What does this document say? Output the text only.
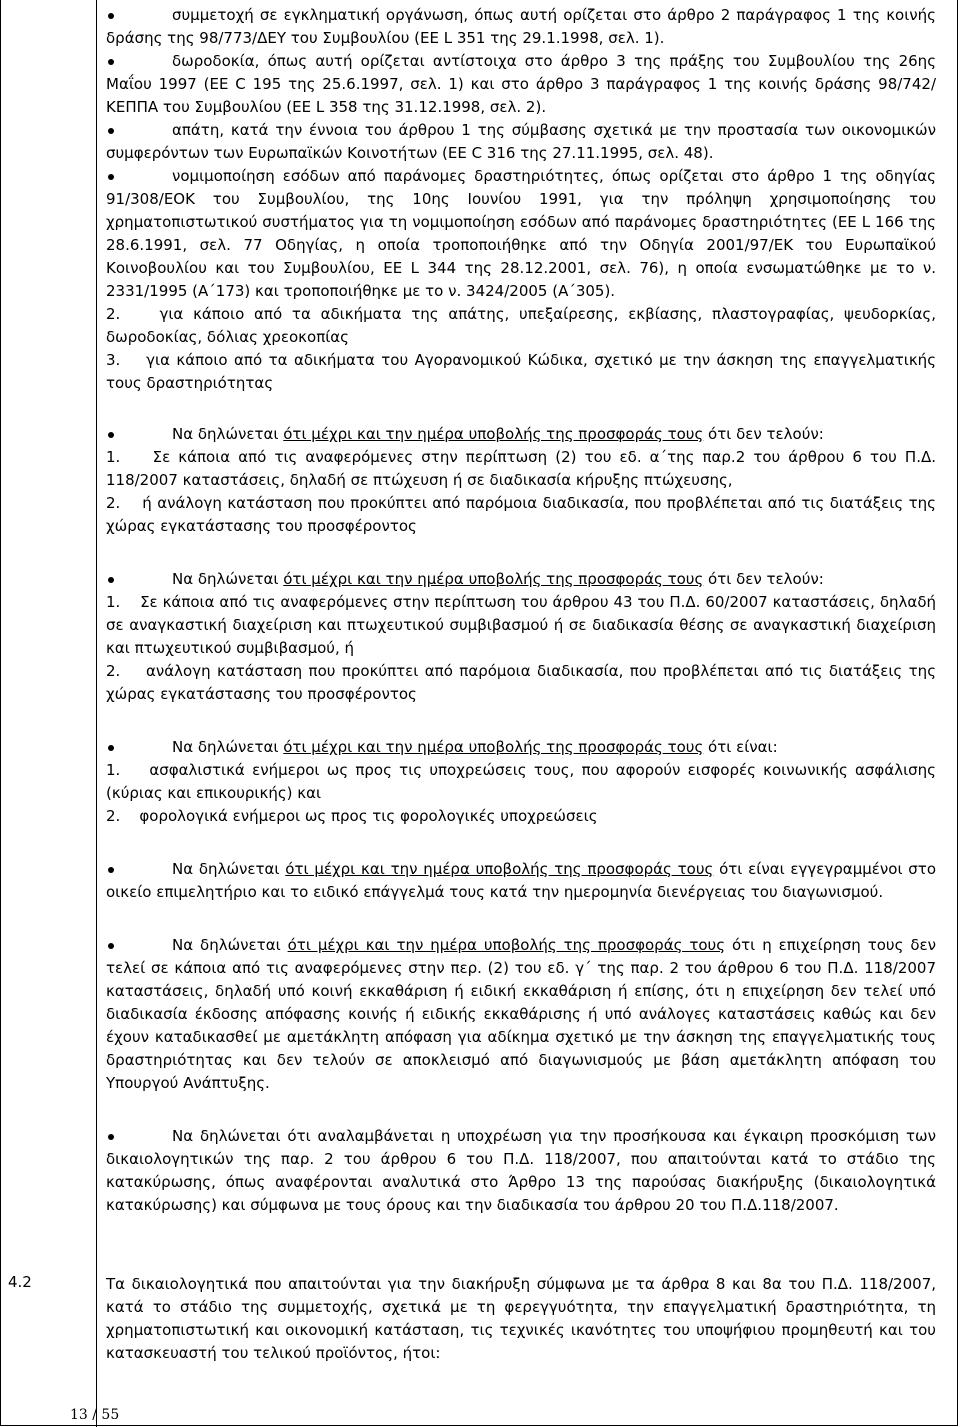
συμμετοχή σε εγκληματική οργάνωση, όπως αυτή ορίζεται στο άρθρο 2 παράγραφος 1 της κοινής δράσης της 98/773/ΔΕΥ του Συμβουλίου (ΕΕ L 351 της 29.1.1998, σελ. 1).

δωροδοκία, όπως αυτή ορίζεται αντίστοιχα στο άρθρο 3 της πράξης του Συμβουλίου της 26ης Μαΐου 1997 (ΕΕ C 195 της 25.6.1997, σελ. 1) και στο άρθρο 3 παράγραφος 1 της κοινής δράσης 98/742/ΚΕΠΠΑ του Συμβουλίου (ΕΕ L 358 της 31.12.1998, σελ. 2).

απάτη, κατά την έννοια του άρθρου 1 της σύμβασης σχετικά με την προστασία των οικονομικών συμφερόντων των Ευρωπαϊκών Κοινοτήτων (ΕΕ C 316 της 27.11.1995, σελ. 48).

νομιμοποίηση εσόδων από παράνομες δραστηριότητες, όπως ορίζεται στο άρθρο 1 της οδηγίας 91/308/ΕΟΚ του Συμβουλίου, της 10ης Ιουνίου 1991, για την πρόληψη χρησιμοποίησης του χρηματοπιστωτικού συστήματος για τη νομιμοποίηση εσόδων από παράνομες δραστηριότητες (ΕΕ L 166 της 28.6.1991, σελ. 77 Οδηγίας, η οποία τροποποιήθηκε από την Οδηγία 2001/97/ΕΚ του Ευρωπαϊκού Κοινοβουλίου και του Συμβουλίου, ΕΕ L 344 της 28.12.2001, σελ. 76), η οποία ενσωματώθηκε με το ν. 2331/1995 (Α΄173) και τροποποιήθηκε με το ν. 3424/2005 (Α΄305).

2.    για κάποιο από τα αδικήματα της απάτης, υπεξαίρεσης, εκβίασης, πλαστογραφίας, ψευδορκίας, δωροδοκίας, δόλιας χρεοκοπίας

3.    για κάποιο από τα αδικήματα του Αγορανομικού Κώδικα, σχετικό με την άσκηση της επαγγελματικής τους δραστηριότητας

Να δηλώνεται ότι μέχρι και την ημέρα υποβολής της προσφοράς τους ότι δεν τελούν:

1.    Σε κάποια από τις αναφερόμενες στην περίπτωση (2) του εδ. α΄της παρ.2 του άρθρου 6 του Π.Δ. 118/2007 καταστάσεις, δηλαδή σε πτώχευση ή σε διαδικασία κήρυξης πτώχευσης,

2.    ή ανάλογη κατάσταση που προκύπτει από παρόμοια διαδικασία, που προβλέπεται από τις διατάξεις της χώρας εγκατάστασης του προσφέροντος

Να δηλώνεται ότι μέχρι και την ημέρα υποβολής της προσφοράς τους ότι δεν τελούν:

1.    Σε κάποια από τις αναφερόμενες στην περίπτωση του άρθρου 43 του Π.Δ. 60/2007 καταστάσεις, δηλαδή σε αναγκαστική διαχείριση και πτωχευτικού συμβιβασμού ή σε διαδικασία θέσης σε αναγκαστική διαχείριση και πτωχευτικού συμβιβασμού, ή

2.    ανάλογη κατάσταση που προκύπτει από παρόμοια διαδικασία, που προβλέπεται από τις διατάξεις της χώρας εγκατάστασης του προσφέροντος

Να δηλώνεται ότι μέχρι και την ημέρα υποβολής της προσφοράς τους ότι είναι:

1.    ασφαλιστικά ενήμεροι ως προς τις υποχρεώσεις τους, που αφορούν εισφορές κοινωνικής ασφάλισης (κύριας και επικουρικής) και

2.    φορολογικά ενήμεροι ως προς τις φορολογικές υποχρεώσεις

Να δηλώνεται ότι μέχρι και την ημέρα υποβολής της προσφοράς τους ότι είναι εγγεγραμμένοι στο οικείο επιμελητήριο και το ειδικό επάγγελμά τους κατά την ημερομηνία διενέργειας του διαγωνισμού.

Να δηλώνεται ότι μέχρι και την ημέρα υποβολής της προσφοράς τους ότι η επιχείρηση τους δεν τελεί σε κάποια από τις αναφερόμενες στην περ. (2) του εδ. γ΄ της παρ. 2 του άρθρου 6 του Π.Δ. 118/2007 καταστάσεις, δηλαδή υπό κοινή εκκαθάριση ή ειδική εκκαθάριση ή επίσης, ότι η επιχείρηση δεν τελεί υπό διαδικασία έκδοσης απόφασης κοινής ή ειδικής εκκαθάρισης ή υπό ανάλογες καταστάσεις καθώς και δεν έχουν καταδικασθεί με αμετάκλητη απόφαση για αδίκημα σχετικό με την άσκηση της επαγγελματικής τους δραστηριότητας και δεν τελούν σε αποκλεισμό από διαγωνισμούς με βάση αμετάκλητη απόφαση του Υπουργού Ανάπτυξης.

Να δηλώνεται ότι αναλαμβάνεται η υποχρέωση για την προσήκουσα και έγκαιρη προσκόμιση των δικαιολογητικών της παρ. 2 του άρθρου 6 του Π.Δ. 118/2007, που απαιτούνται κατά το στάδιο της κατακύρωσης, όπως αναφέρονται αναλυτικά στο Άρθρο 13 της παρούσας διακήρυξης (δικαιολογητικά κατακύρωσης) και σύμφωνα με τους όρους και την διαδικασία του άρθρου 20 του Π.Δ.118/2007.

4.2	Τα δικαιολογητικά που απαιτούνται για την διακήρυξη σύμφωνα με τα άρθρα 8 και 8α του Π.Δ. 118/2007, κατά το στάδιο της συμμετοχής, σχετικά με τη φερεγγυότητα, την επαγγελματική δραστηριότητα, τη χρηματοπιστωτική και οικονομική κατάσταση, τις τεχνικές ικανότητες του υποψήφιου προμηθευτή και του κατασκευαστή του τελικού προϊόντος, ήτοι:

13 / 55
